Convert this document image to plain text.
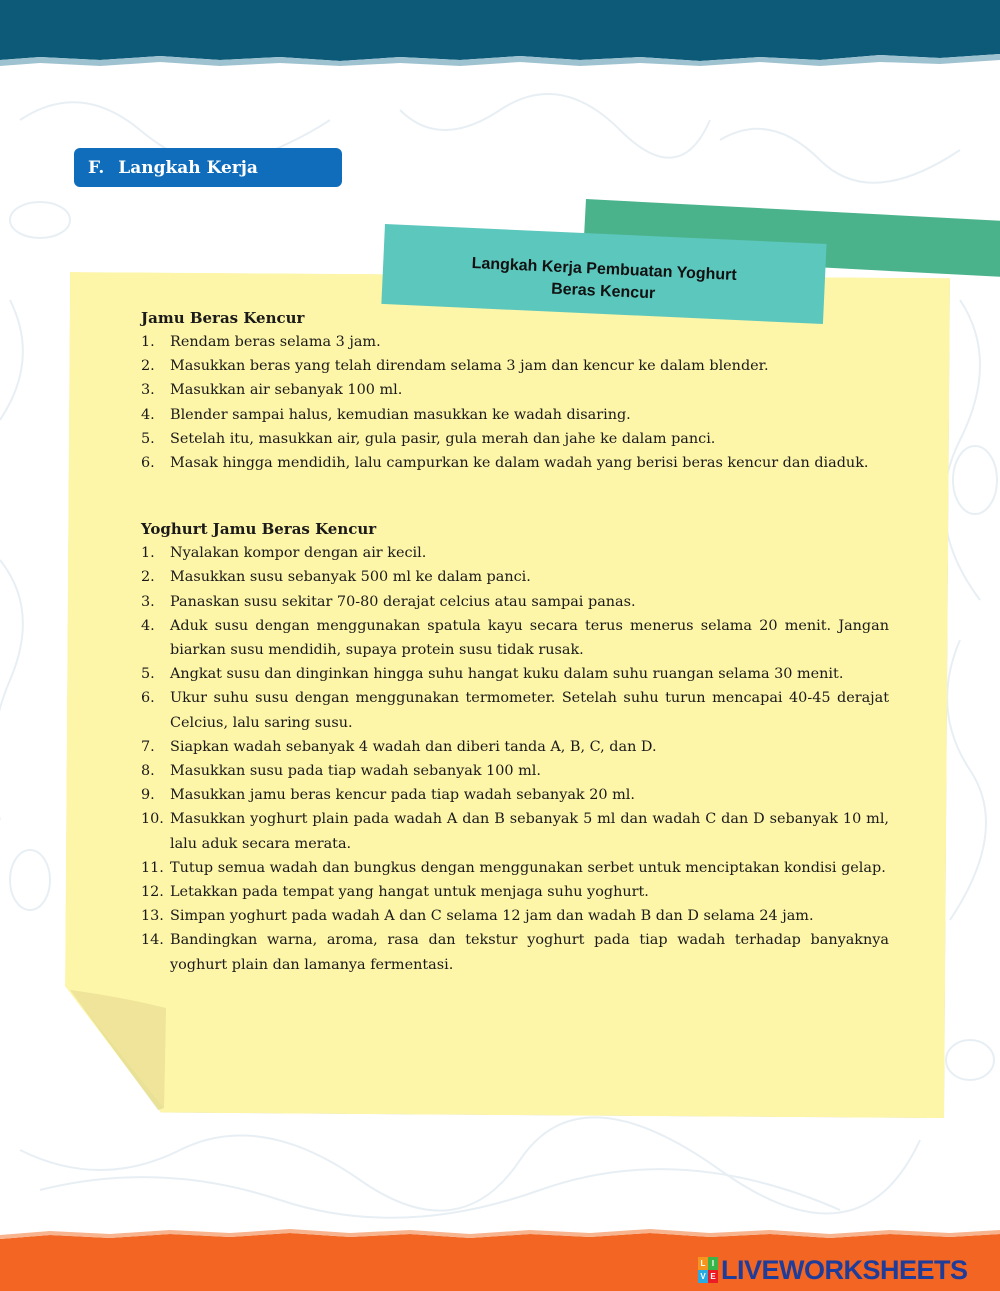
F. Langkah Kerja
Langkah Kerja Pembuatan Yoghurt
Beras Kencur
Jamu Beras Kencur
1. Rendam beras selama 3 jam.
2. Masukkan beras yang telah direndam selama 3 jam dan kencur ke dalam blender.
3. Masukkan air sebanyak 100 ml.
4. Blender sampai halus, kemudian masukkan ke wadah disaring.
5. Setelah itu, masukkan air, gula pasir, gula merah dan jahe ke dalam panci.
6. Masak hingga mendidih, lalu campurkan ke dalam wadah yang berisi beras kencur dan diaduk.
Yoghurt Jamu Beras Kencur
1. Nyalakan kompor dengan air kecil.
2. Masukkan susu sebanyak 500 ml ke dalam panci.
3. Panaskan susu sekitar 70-80 derajat celcius atau sampai panas.
4. Aduk susu dengan menggunakan spatula kayu secara terus menerus selama 20 menit. Jangan biarkan susu mendidih, supaya protein susu tidak rusak.
5. Angkat susu dan dinginkan hingga suhu hangat kuku dalam suhu ruangan selama 30 menit.
6. Ukur suhu susu dengan menggunakan termometer. Setelah suhu turun mencapai 40-45 derajat Celcius, lalu saring susu.
7. Siapkan wadah sebanyak 4 wadah dan diberi tanda A, B, C, dan D.
8. Masukkan susu pada tiap wadah sebanyak 100 ml.
9. Masukkan jamu beras kencur pada tiap wadah sebanyak 20 ml.
10. Masukkan yoghurt plain pada wadah A dan B sebanyak 5 ml dan wadah C dan D sebanyak 10 ml, lalu aduk secara merata.
11. Tutup semua wadah dan bungkus dengan menggunakan serbet untuk menciptakan kondisi gelap.
12. Letakkan pada tempat yang hangat untuk menjaga suhu yoghurt.
13. Simpan yoghurt pada wadah A dan C selama 12 jam dan wadah B dan D selama 24 jam.
14. Bandingkan warna, aroma, rasa dan tekstur yoghurt pada tiap wadah terhadap banyaknya yoghurt plain dan lamanya fermentasi.
L I
V E LIVEWORKSHEETS
